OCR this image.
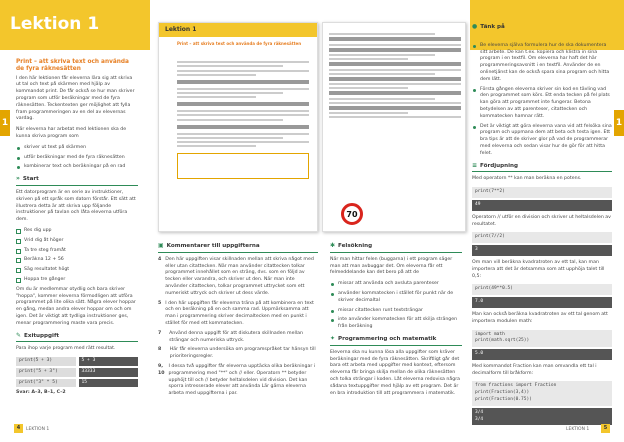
Lektion 1
1	1
Print – att skriva text och använda de fyra räknesätten

I den här lektionen får eleverna lära sig att skriva ut tal och text på skärmen med hjälp av kommandot print. De får också se hur man skriver program som utför beräkningar med de fyra räknesätten. Teckentexten ger möjlighet att fylla fram programmeringen av en del av elevernas vardag.

När eleverna har arbetat med lektionen ska de kunna skriva program som

skriver ut text på skärmen
utför beräkningar med de fyra räknesätten
kombinerar text och beräkningar på en rad
» Start

Ett datorprogram är en serie av instruktioner, skriven på ett språk som datorn förstår. Ett sätt att illustrera detta är att skriva upp följande instruktioner på tavlan och låta eleverna utföra dem.

Res dig upp
Vrid dig åt höger
Ta tre steg framåt
Beräkna 12 + 56
Säg resultatet högt
Hoppa tre gånger

Om du är medlemmar otydlig och bara skriver "hoppa", kommer eleverna förmodligen att utföra programmet på lite olika sätt. Några elever hoppar en gång, medan andra elever hoppar om och om igen. Det är viktigt att tydliga instruktioner ges, menar programmering maste vara precis.

✎ Exituppgift

Para ihop varje program med rätt resultat.

print(5 + 3)	5 + 3
print("5 + 3")	33333
print("3" * 5)	15

Svar: A–3, B–1, C–2

Lektion 1
Print – att skriva text och använda de fyra räknesätten
70
▣ Kommentarer till uppgifterna
4 Den här uppgiften visar skillnaden mellan att skriva något med eller utan citattecken. När man använder citattecken tolkar programmet innehållet som en sträng, dvs. som en följd av tecken eller varandra, och skriver ut den. När man inte använder citattecken, tolkar programmet uttrycket som ett numeriskt uttryck och skriver ut dess värde.
5 I den här uppgiften får eleverna träna på att kombinera en text och en beräkning på en och samma rad. Uppmärksamma att man i programmering skriver decimaltecken med en punkt i stället för med ett kommatecken.
7	Använd denna uppgift för att diskutera skillnaden mellan strängar och numeriska uttryck.
8	Här får eleverna undersöka om programspråket tar hänsyn till prioriteringsregler.
9, 10
I dessa två uppgifter får eleverna upptäcka olika beräkningar i programmering med "**" och // eller. Operatorn ** betyder upphöjt till och // betyder heltalsdelen vid division. Det kan sporra intresserade elever att använda Lär gärna eleverna arbeta med uppgifterna i par.
✱ Felsökning

När man hittar felen (buggarna) i ett program säger man att man avbuggar det. Om eleverna får ett felmeddelande kan det bero på att de

missar att använda och avsluta parenteser
använder kommatecken i stället för punkt när de skriver decimaltal
missar citattecken runt textsträngar
inte använder kommatecken för att skilja strängen från beräkning
✦ Programmering och matematik

Eleverna ska nu kunna lösa alla uppgifter som kräver beräkningar med de fyra räknesätten. Skriftligt går det bara ett arbeta med uppgifter med kontext, eftersom eleverna får bringa skilja mellan de olika räknesätten och tolka strängar i koden. Låt eleverna redovisa några sådana textuppgifter med hjälp av ett program. Det är en bra introduktion till att programmera i matematik.

● Tänk på
Be eleverna själva formulera hur de ska dokumentera sitt arbete. De kan t.ex. kopiera och klistra in sina program i en textfil. Om eleverna har haft det här programmeringsavsnitt i en textfil. Använder de en onlinetjänst kan de också spara sina program och hitta dem lätt.
Första gången eleverna skriver sin kod en tävling vad den programmet som körs. Ett enda tecken på fel plats kan göra att programmet inte fungerar. Betona betydelsen av att parenteser, citattecken och kommatecken hamnar rätt.
Det är viktigt att göra eleverna vana vid att felsöka sina program och uppmana dem att beta och testa igen. Ett bra tips är att de skriver glor på vad de programmerar med eleverna och sedan visar hur de gör för att hitta felet.
≡ Fördjupning

Med operatorn ** kan man beräkna en potens.

print(7**2)
49

Operatorn // utför en division och skriver ut heltalsdelen av resultatet.

print(7//2)
3

Om man vill beräkna kvadratroten av ett tal, kan man importera att det är detsamma som att upphöja talet till 0,5:

print(49**0.5)
7.0

Man kan också beräkna kvadratroten av ett tal genom att importera modulen math:

import math
print(math.sqrt(25))
5.0

Med kommandot Fraction kan man omvandla ett tal i decimalform till bråkform:

from fractions import Fraction
print(Fraction(3,4))
print(Fraction(0.75))
3/4
3/4
4	LEKTION 1	LEKTION 1	5
